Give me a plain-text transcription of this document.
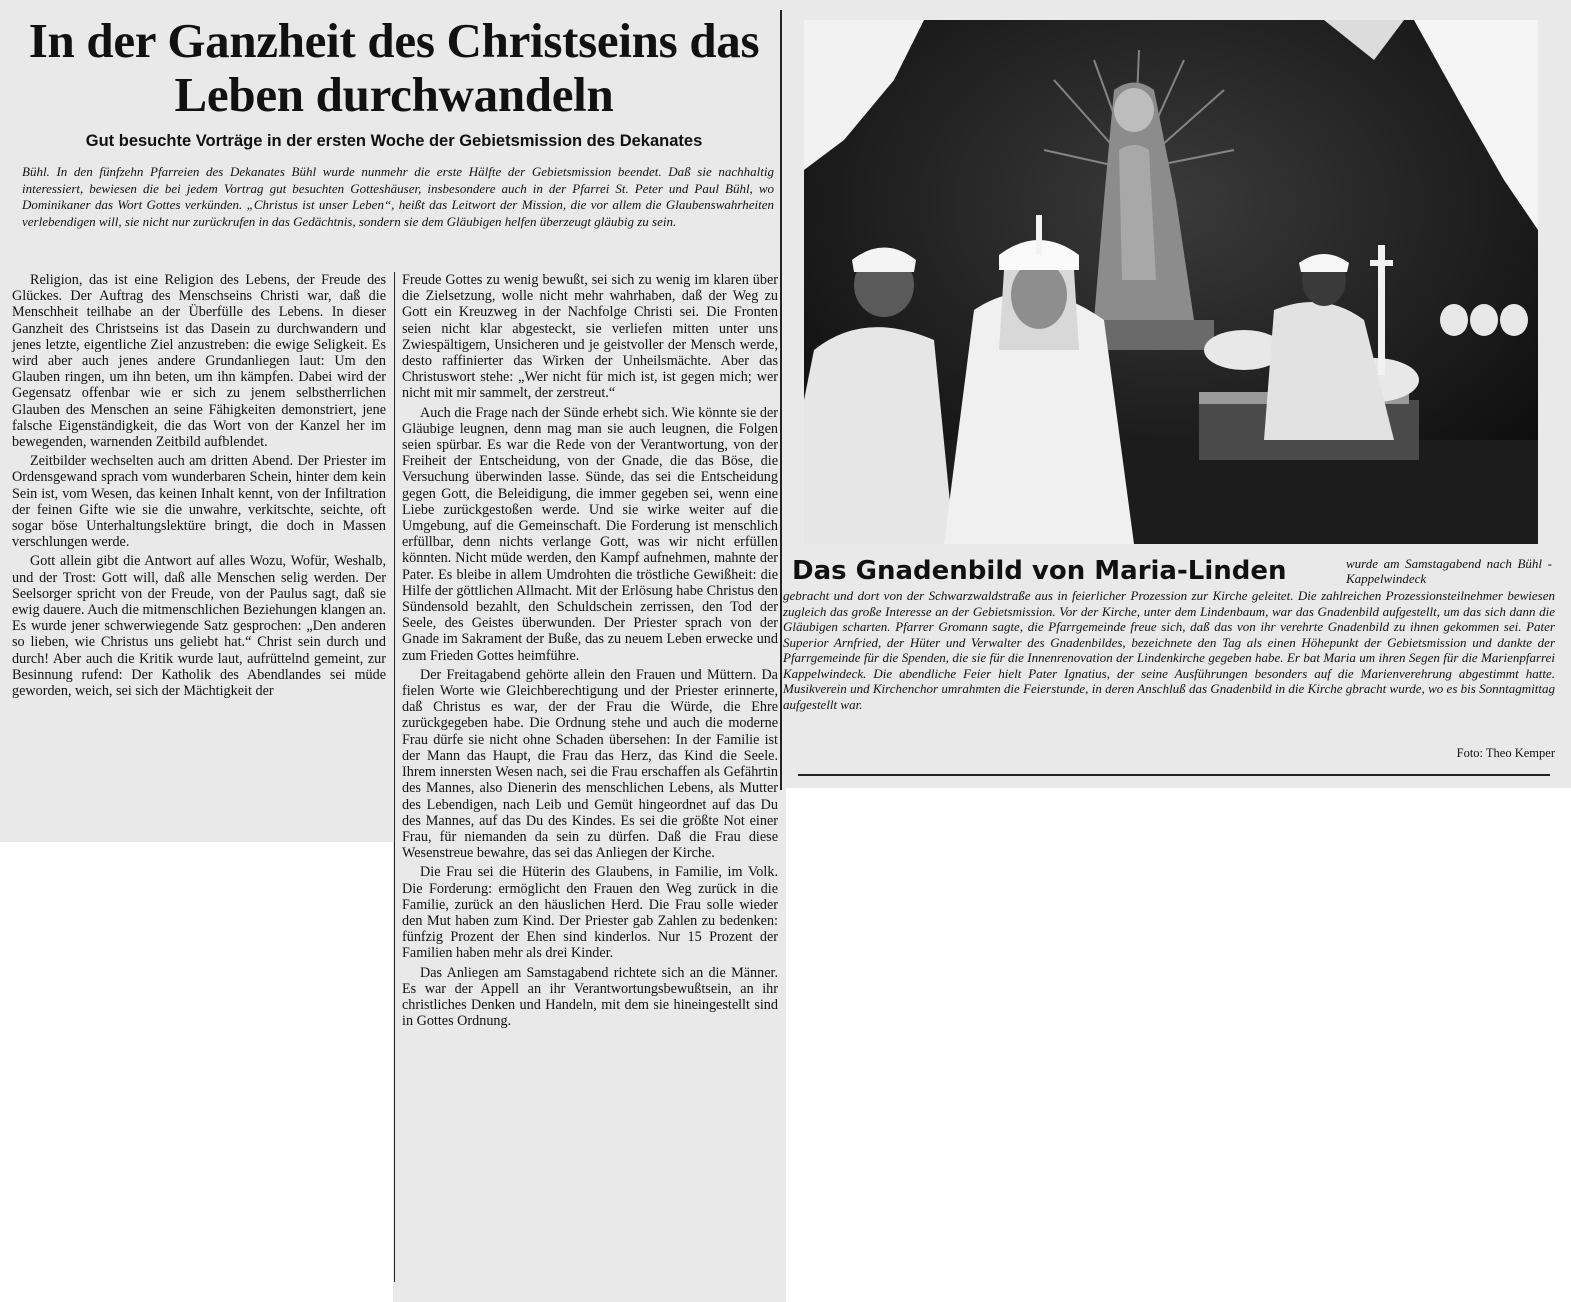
In der Ganzheit des Christseins das Leben durchwandeln
Gut besuchte Vorträge in der ersten Woche der Gebietsmission des Dekanates

Bühl. In den fünfzehn Pfarreien des Dekanates Bühl wurde nunmehr die erste Hälfte der Gebietsmission beendet. Daß sie nachhaltig interessiert, bewiesen die bei jedem Vortrag gut besuchten Gotteshäuser, insbesondere auch in der Pfarrei St. Peter und Paul Bühl, wo Dominikaner das Wort Gottes verkünden. „Christus ist unser Leben“, heißt das Leitwort der Mission, die vor allem die Glaubenswahrheiten verlebendigen will, sie nicht nur zurückrufen in das Gedächtnis, sondern sie dem Gläubigen helfen überzeugt gläubig zu sein.

Religion, das ist eine Religion des Lebens, der Freude des Glückes. Der Auftrag des Menschseins Christi war, daß die Menschheit teilhabe an der Überfülle des Lebens. In dieser Ganzheit des Christseins ist das Dasein zu durchwandern und jenes letzte, eigentliche Ziel anzustreben: die ewige Seligkeit. Es wird aber auch jenes andere Grundanliegen laut: Um den Glauben ringen, um ihn beten, um ihn kämpfen. Dabei wird der Gegensatz offenbar wie er sich zu jenem selbstherrlichen Glauben des Menschen an seine Fähigkeiten demonstriert, jene falsche Eigenständigkeit, die das Wort von der Kanzel her im bewegenden, warnenden Zeitbild aufblendet.

Zeitbilder wechselten auch am dritten Abend. Der Priester im Ordensgewand sprach vom wunderbaren Schein, hinter dem kein Sein ist, vom Wesen, das keinen Inhalt kennt, von der Infiltration der feinen Gifte wie sie die unwahre, verkitschte, seichte, oft sogar böse Unterhaltungslektüre bringt, die doch in Massen verschlungen werde.

Gott allein gibt die Antwort auf alles Wozu, Wofür, Weshalb, und der Trost: Gott will, daß alle Menschen selig werden. Der Seelsorger spricht von der Freude, von der Paulus sagt, daß sie ewig dauere. Auch die mitmenschlichen Beziehungen klangen an. Es wurde jener schwerwiegende Satz gesprochen: „Den anderen so lieben, wie Christus uns geliebt hat.“ Christ sein durch und durch! Aber auch die Kritik wurde laut, aufrüttelnd gemeint, zur Besinnung rufend: Der Katholik des Abendlandes sei müde geworden, weich, sei sich der Mächtigkeit der

Freude Gottes zu wenig bewußt, sei sich zu wenig im klaren über die Zielsetzung, wolle nicht mehr wahrhaben, daß der Weg zu Gott ein Kreuzweg in der Nachfolge Christi sei. Die Fronten seien nicht klar abgesteckt, sie verliefen mitten unter uns Zwiespältigem, Unsicheren und je geistvoller der Mensch werde, desto raffinierter das Wirken der Unheilsmächte. Aber das Christuswort stehe: „Wer nicht für mich ist, ist gegen mich; wer nicht mit mir sammelt, der zerstreut.“

Auch die Frage nach der Sünde erhebt sich. Wie könnte sie der Gläubige leugnen, denn mag man sie auch leugnen, die Folgen seien spürbar. Es war die Rede von der Verantwortung, von der Freiheit der Entscheidung, von der Gnade, die das Böse, die Versuchung überwinden lasse. Sünde, das sei die Entscheidung gegen Gott, die Beleidigung, die immer gegeben sei, wenn eine Liebe zurückgestoßen werde. Und sie wirke weiter auf die Umgebung, auf die Gemeinschaft. Die Forderung ist menschlich erfüllbar, denn nichts verlange Gott, was wir nicht erfüllen könnten. Nicht müde werden, den Kampf aufnehmen, mahnte der Pater. Es bleibe in allem Umdrohten die tröstliche Gewißheit: die Hilfe der göttlichen Allmacht. Mit der Erlösung habe Christus den Sündensold bezahlt, den Schuldschein zerrissen, den Tod der Seele, des Geistes überwunden. Der Priester sprach von der Gnade im Sakrament der Buße, das zu neuem Leben erwecke und zum Frieden Gottes heimführe.

Der Freitagabend gehörte allein den Frauen und Müttern. Da fielen Worte wie Gleichberechtigung und der Priester erinnerte, daß Christus es war, der der Frau die Würde, die Ehre zurückgegeben habe. Die Ordnung stehe und auch die moderne Frau dürfe sie nicht ohne Schaden übersehen: In der Familie ist der Mann das Haupt, die Frau das Herz, das Kind die Seele. Ihrem innersten Wesen nach, sei die Frau erschaffen als Gefährtin des Mannes, also Dienerin des menschlichen Lebens, als Mutter des Lebendigen, nach Leib und Gemüt hingeordnet auf das Du des Mannes, auf das Du des Kindes. Es sei die größte Not einer Frau, für niemanden da sein zu dürfen. Daß die Frau diese Wesenstreue bewahre, das sei das Anliegen der Kirche.

Die Frau sei die Hüterin des Glaubens, in Familie, im Volk. Die Forderung: ermöglicht den Frauen den Weg zurück in die Familie, zurück an den häuslichen Herd. Die Frau solle wieder den Mut haben zum Kind. Der Priester gab Zahlen zu bedenken: fünfzig Prozent der Ehen sind kinderlos. Nur 15 Prozent der Familien haben mehr als drei Kinder.

Das Anliegen am Samstagabend richtete sich an die Männer. Es war der Appell an ihr Verantwortungsbewußtsein, an ihr christliches Denken und Handeln, mit dem sie hineingestellt sind in Gottes Ordnung.

Das Gnadenbild von Maria-Linden	wurde am Samstagabend nach Bühl - Kappelwindeck

gebracht und dort von der Schwarzwaldstraße aus in feierlicher Prozession zur Kirche geleitet. Die zahlreichen Prozessionsteilnehmer bewiesen zugleich das große Interesse an der Gebietsmission. Vor der Kirche, unter dem Lindenbaum, war das Gnadenbild aufgestellt, um das sich dann die Gläubigen scharten. Pfarrer Gromann sagte, die Pfarrgemeinde freue sich, daß das von ihr verehrte Gnadenbild zu ihnen gekommen sei. Pater Superior Arnfried, der Hüter und Verwalter des Gnadenbildes, bezeichnete den Tag als einen Höhepunkt der Gebietsmission und dankte der Pfarrgemeinde für die Spenden, die sie für die Innenrenovation der Lindenkirche gegeben habe. Er bat Maria um ihren Segen für die Marienpfarrei Kappelwindeck. Die abendliche Feier hielt Pater Ignatius, der seine Ausführungen besonders auf die Marienverehrung abgestimmt hatte. Musikverein und Kirchenchor umrahmten die Feierstunde, in deren Anschluß das Gnadenbild in die Kirche gbracht wurde, wo es bis Sonntagmittag aufgestellt war.

Foto: Theo Kemper
